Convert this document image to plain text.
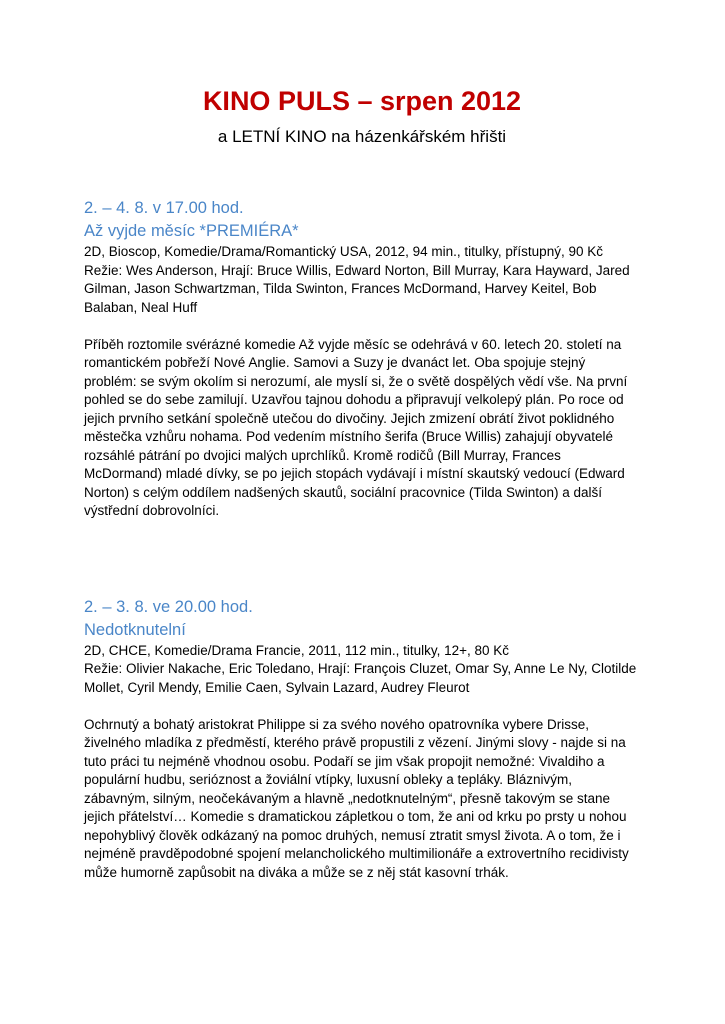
KINO PULS – srpen 2012

a LETNÍ KINO na házenkářském hřišti

2. – 4. 8. v 17.00 hod.

Až vyjde měsíc *PREMIÉRA*

2D, Bioscop, Komedie/Drama/Romantický USA, 2012, 94 min., titulky, přístupný, 90 Kč

Režie: Wes Anderson, Hrají: Bruce Willis, Edward Norton, Bill Murray, Kara Hayward, Jared Gilman, Jason Schwartzman, Tilda Swinton, Frances McDormand, Harvey Keitel, Bob Balaban, Neal Huff

Příběh roztomile svérázné komedie Až vyjde měsíc se odehrává v 60. letech 20. století na romantickém pobřeží Nové Anglie. Samovi a Suzy je dvanáct let. Oba spojuje stejný problém: se svým okolím si nerozumí, ale myslí si, že o světě dospělých vědí vše. Na první pohled se do sebe zamilují. Uzavřou tajnou dohodu a připravují velkolepý plán. Po roce od jejich prvního setkání společně utečou do divočiny. Jejich zmizení obrátí život poklidného městečka vzhůru nohama. Pod vedením místního šerifa (Bruce Willis) zahajují obyvatelé rozsáhlé pátrání po dvojici malých uprchlíků. Kromě rodičů (Bill Murray, Frances McDormand) mladé dívky, se po jejich stopách vydávají i místní skautský vedoucí (Edward Norton) s celým oddílem nadšených skautů, sociální pracovnice (Tilda Swinton) a další výstřední dobrovolníci.

2. – 3. 8. ve 20.00 hod.

Nedotknutelní

2D, CHCE, Komedie/Drama Francie, 2011, 112 min., titulky, 12+, 80 Kč

Režie: Olivier Nakache, Eric Toledano, Hrají: François Cluzet, Omar Sy, Anne Le Ny, Clotilde Mollet, Cyril Mendy, Emilie Caen, Sylvain Lazard, Audrey Fleurot

Ochrnutý a bohatý aristokrat Philippe si za svého nového opatrovníka vybere Drisse, živelného mladíka z předměstí, kterého právě propustili z vězení. Jinými slovy - najde si na tuto práci tu nejméně vhodnou osobu. Podaří se jim však propojit nemožné: Vivaldiho a populární hudbu, serióznost a žoviální vtípky, luxusní obleky a tepláky. Bláznivým, zábavným, silným, neočekávaným a hlavně „nedotknutelným“, přesně takovým se stane jejich přátelství… Komedie s dramatickou zápletkou o tom, že ani od krku po prsty u nohou nepohyblivý člověk odkázaný na pomoc druhých, nemusí ztratit smysl života. A o tom, že i nejméně pravděpodobné spojení melancholického multimilionáře a extrovertního recidivisty může humorně zapůsobit na diváka a může se z něj stát kasovní trhák.
